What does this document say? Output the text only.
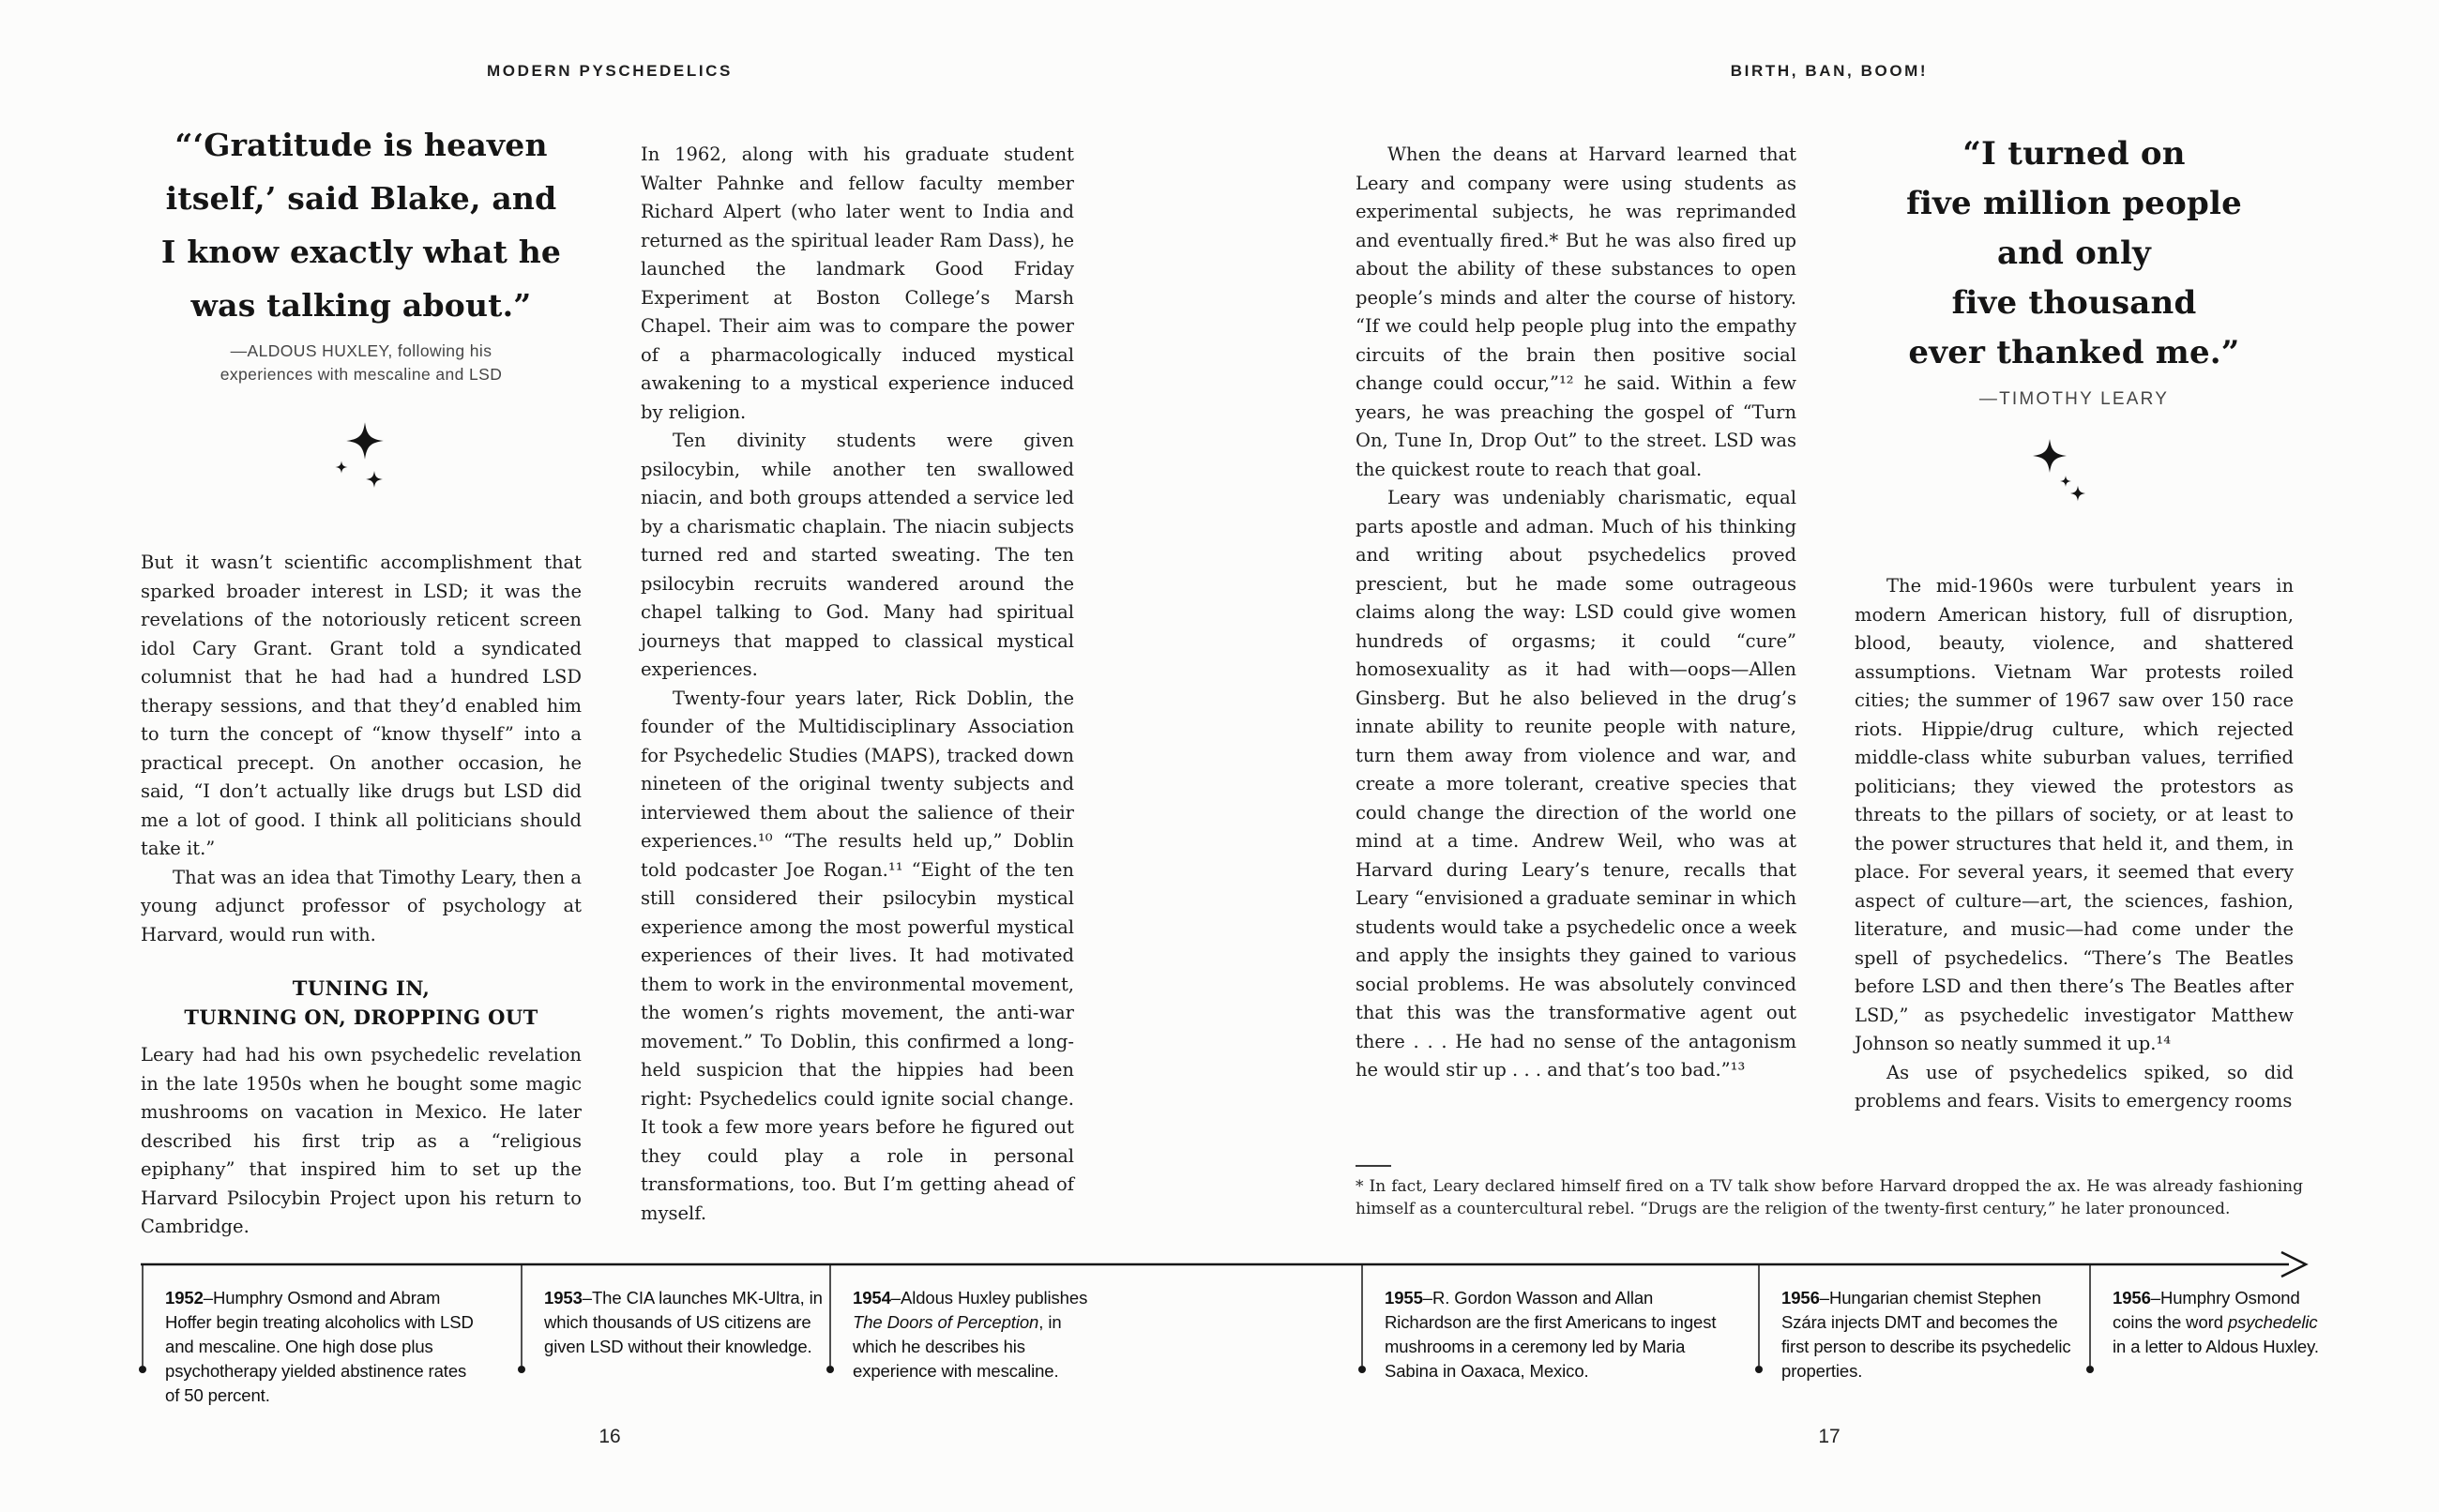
MODERN PYSCHEDELICS	BIRTH, BAN, BOOM!
“‘Gratitude is heaven
itself,’ said Blake, and
I know exactly what he
was talking about.”
—ALDOUS HUXLEY, following his
experiences with mescaline and LSD

But it wasn’t scientific accomplishment that sparked broader interest in LSD; it was the revelations of the notoriously reticent screen idol Cary Grant. Grant told a syndicated columnist that he had had a hundred LSD therapy sessions, and that they’d enabled him to turn the concept of “know thyself” into a practical precept. On another occasion, he said, “I don’t actually like drugs but LSD did me a lot of good. I think all politicians should take it.”

That was an idea that Timothy Leary, then a young adjunct professor of psychology at Harvard, would run with.

TUNING IN,
TURNING ON, DROPPING OUT

Leary had had his own psychedelic revelation in the late 1950s when he bought some magic mushrooms on vacation in Mexico. He later described his first trip as a “religious epiphany” that inspired him to set up the Harvard Psilocybin Project upon his return to Cambridge.

In 1962, along with his graduate student Walter Pahnke and fellow faculty member Richard Alpert (who later went to India and returned as the spiritual leader Ram Dass), he launched the landmark Good Friday Experiment at Boston College’s Marsh Chapel. Their aim was to compare the power of a pharmacologically induced mystical awakening to a mystical experience induced by religion.

Ten divinity students were given psilocybin, while another ten swallowed niacin, and both groups attended a service led by a charismatic chaplain. The niacin subjects turned red and started sweating. The ten psilocybin recruits wandered around the chapel talking to God. Many had spiritual journeys that mapped to classical mystical experiences.

Twenty-four years later, Rick Doblin, the founder of the Multidisciplinary Association for Psychedelic Studies (MAPS), tracked down nineteen of the original twenty subjects and interviewed them about the salience of their experiences.¹⁰ “The results held up,” Doblin told podcaster Joe Rogan.¹¹ “Eight of the ten still considered their psilocybin mystical experience among the most powerful mystical experiences of their lives. It had motivated them to work in the environmental movement, the women’s rights movement, the anti-war movement.” To Doblin, this confirmed a long-held suspicion that the hippies had been right: Psychedelics could ignite social change. It took a few more years before he figured out they could play a role in personal transformations, too. But I’m getting ahead of myself.

When the deans at Harvard learned that Leary and company were using students as experimental subjects, he was reprimanded and eventually fired.* But he was also fired up about the ability of these substances to open people’s minds and alter the course of history. “If we could help people plug into the empathy circuits of the brain then positive social change could occur,”¹² he said. Within a few years, he was preaching the gospel of “Turn On, Tune In, Drop Out” to the street. LSD was the quickest route to reach that goal.

Leary was undeniably charismatic, equal parts apostle and adman. Much of his thinking and writing about psychedelics proved prescient, but he made some outrageous claims along the way: LSD could give women hundreds of orgasms; it could “cure” homosexuality as it had with—oops—Allen Ginsberg. But he also believed in the drug’s innate ability to reunite people with nature, turn them away from violence and war, and create a more tolerant, creative species that could change the direction of the world one mind at a time. Andrew Weil, who was at Harvard during Leary’s tenure, recalls that Leary “envisioned a graduate seminar in which students would take a psychedelic once a week and apply the insights they gained to various social problems. He was absolutely convinced that this was the transformative agent out there . . . He had no sense of the antagonism he would stir up . . . and that’s too bad.”¹³

* In fact, Leary declared himself fired on a TV talk show before Harvard dropped the ax. He was already fashioning himself as a countercultural rebel. “Drugs are the religion of the twenty-first century,” he later pronounced.
“I turned on
five million people
and only
five thousand
ever thanked me.”
—TIMOTHY LEARY

The mid-1960s were turbulent years in modern American history, full of disruption, blood, beauty, violence, and shattered assumptions. Vietnam War protests roiled cities; the summer of 1967 saw over 150 race riots. Hippie/drug culture, which rejected middle-class white suburban values, terrified politicians; they viewed the protestors as threats to the pillars of society, or at least to the power structures that held it, and them, in place. For several years, it seemed that every aspect of culture—art, the sciences, fashion, literature, and music—had come under the spell of psychedelics. “There’s The Beatles before LSD and then there’s The Beatles after LSD,” as psychedelic investigator Matthew Johnson so neatly summed it up.¹⁴

As use of psychedelics spiked, so did problems and fears. Visits to emergency rooms

1952–Humphry Osmond and Abram Hoffer begin treating alcoholics with LSD and mescaline. One high dose plus psychotherapy yielded abstinence rates of 50 percent.
1953–The CIA launches MK-Ultra, in which thousands of US citizens are given LSD without their knowledge.
1954–Aldous Huxley publishes The Doors of Perception, in which he describes his experience with mescaline.
1955–R. Gordon Wasson and Allan Richardson are the first Americans to ingest mushrooms in a ceremony led by Maria Sabina in Oaxaca, Mexico.
1956–Hungarian chemist Stephen Szára injects DMT and becomes the first person to describe its psychedelic properties.
1956–Humphry Osmond coins the word psychedelic in a letter to Aldous Huxley.
16	17
